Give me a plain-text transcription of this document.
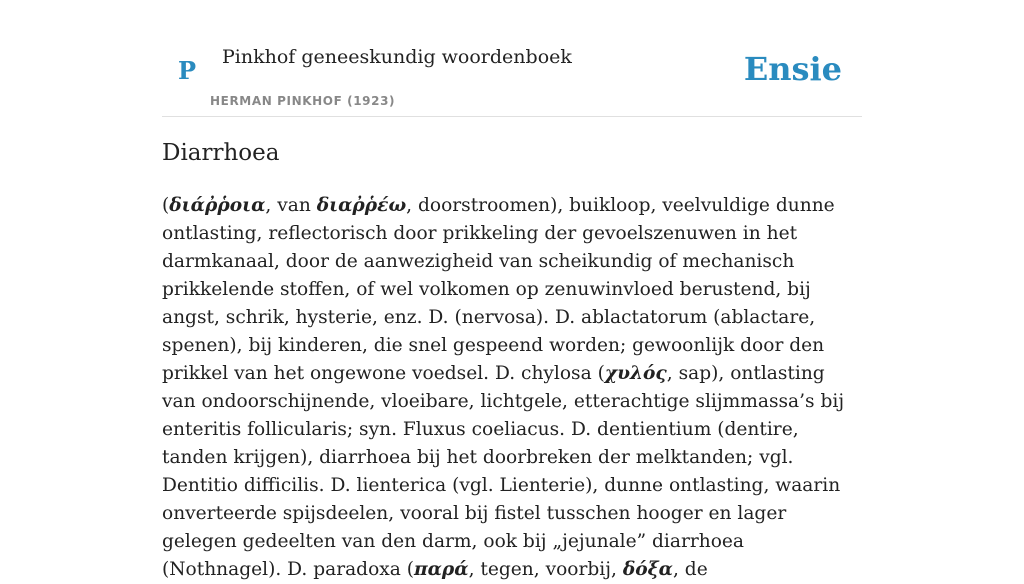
P Pinkhof geneeskundig woordenboek
HERMAN PINKHOF (1923)
Ensie
Diarrhoea
(διάῤῥοια, van διαῤῥέω, doorstroomen), buikloop, veelvuldige dunne ontlasting, reflectorisch door prikkeling der gevoelszenuwen in het darmkanaal, door de aanwezigheid van scheikundig of mechanisch prikkelende stoffen, of wel volkomen op zenuwinvloed berustend, bij angst, schrik, hysterie, enz. D. (nervosa). D. ablactatorum (ablactare, spenen), bij kinderen, die snel gespeend worden; gewoonlijk door den prikkel van het ongewone voedsel. D. chylosa (χυλός, sap), ontlasting van ondoorschijnende, vloeibare, lichtgele, etterachtige slijmmassa’s bij enteritis follicularis; syn. Fluxus coeliacus. D. dentientium (dentire, tanden krijgen), diarrhoea bij het doorbreken der melktanden; vgl. Dentitio difficilis. D. lienterica (vgl. Lienterie), dunne ontlasting, waarin onverteerde spijsdeelen, vooral bij fistel tusschen hooger en lager gelegen gedeelten van den darm, ook bij „jejunale” diarrhoea (Nothnagel). D. paradoxa (παρά, tegen, voorbij, δόξα, de
